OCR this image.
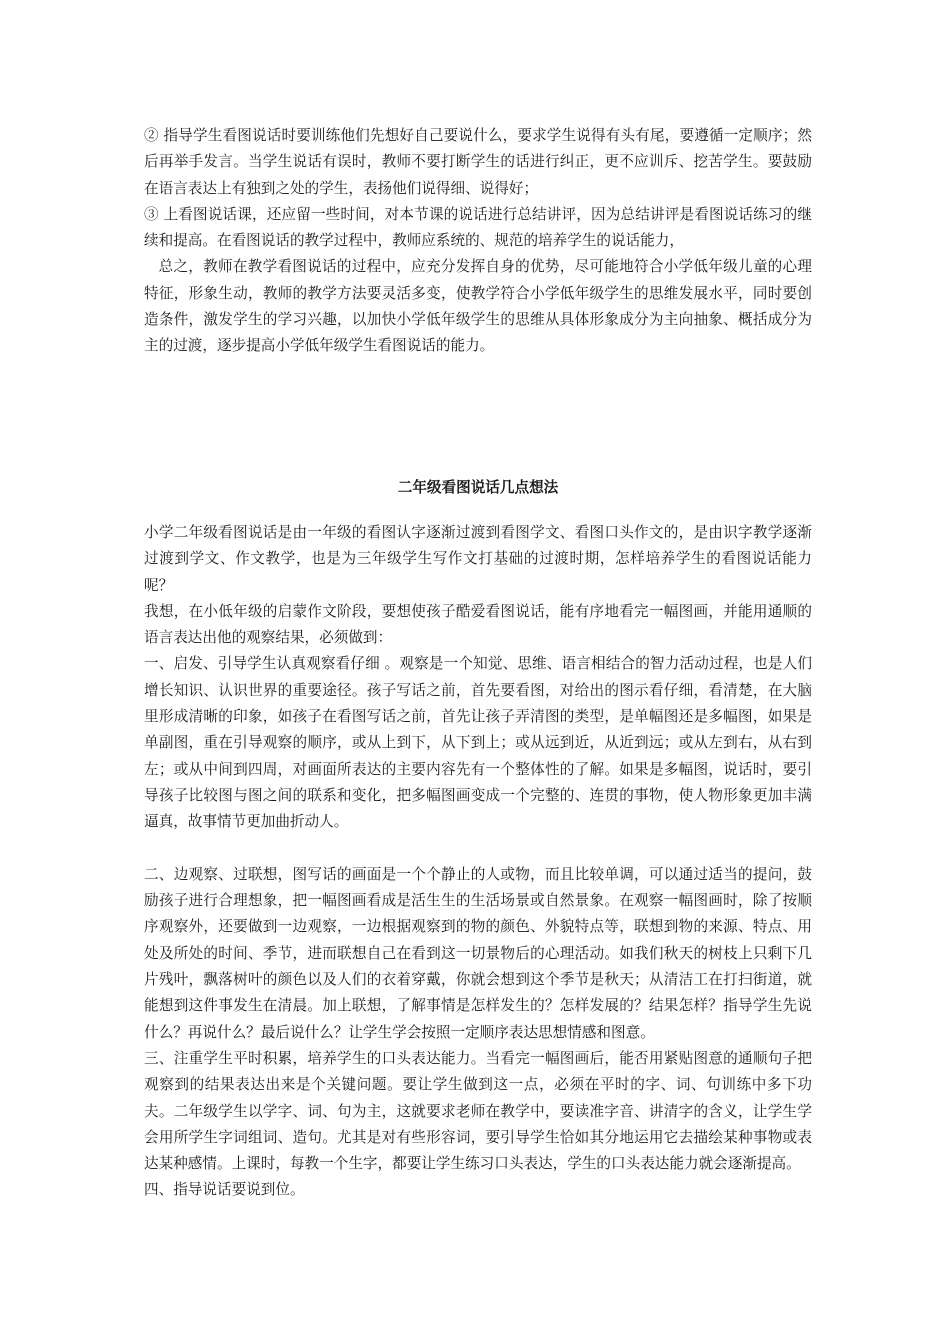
② 指导学生看图说话时要训练他们先想好自己要说什么，要求学生说得有头有尾，要遵循一定顺序；然后再举手发言。当学生说话有误时，教师不要打断学生的话进行纠正，更不应训斥、挖苦学生。要鼓励在语言表达上有独到之处的学生，表扬他们说得细、说得好；

③ 上看图说话课，还应留一些时间，对本节课的说话进行总结讲评，因为总结讲评是看图说话练习的继续和提高。在看图说话的教学过程中，教师应系统的、规范的培养学生的说话能力，

总之，教师在教学看图说话的过程中，应充分发挥自身的优势，尽可能地符合小学低年级儿童的心理特征，形象生动，教师的教学方法要灵活多变，使教学符合小学低年级学生的思维发展水平，同时要创造条件，激发学生的学习兴趣，以加快小学低年级学生的思维从具体形象成分为主向抽象、概括成分为主的过渡，逐步提高小学低年级学生看图说话的能力。

二年级看图说话几点想法

小学二年级看图说话是由一年级的看图认字逐渐过渡到看图学文、看图口头作文的，是由识字教学逐渐过渡到学文、作文教学，也是为三年级学生写作文打基础的过渡时期，怎样培养学生的看图说话能力呢？

我想，在小低年级的启蒙作文阶段，要想使孩子酷爱看图说话，能有序地看完一幅图画，并能用通顺的语言表达出他的观察结果，必须做到：

一、启发、引导学生认真观察看仔细 。观察是一个知觉、思维、语言相结合的智力活动过程，也是人们增长知识、认识世界的重要途径。孩子写话之前，首先要看图，对给出的图示看仔细，看清楚，在大脑里形成清晰的印象，如孩子在看图写话之前，首先让孩子弄清图的类型，是单幅图还是多幅图，如果是单副图，重在引导观察的顺序，或从上到下，从下到上；或从远到近，从近到远；或从左到右，从右到左；或从中间到四周，对画面所表达的主要内容先有一个整体性的了解。如果是多幅图，说话时，要引导孩子比较图与图之间的联系和变化，把多幅图画变成一个完整的、连贯的事物，使人物形象更加丰满逼真，故事情节更加曲折动人。

二、边观察、过联想，图写话的画面是一个个静止的人或物，而且比较单调，可以通过适当的提问，鼓励孩子进行合理想象，把一幅图画看成是活生生的生活场景或自然景象。在观察一幅图画时，除了按顺序观察外，还要做到一边观察，一边根据观察到的物的颜色、外貌特点等，联想到物的来源、特点、用处及所处的时间、季节，进而联想自己在看到这一切景物后的心理活动。如我们秋天的树枝上只剩下几片残叶，飘落树叶的颜色以及人们的衣着穿戴，你就会想到这个季节是秋天；从清洁工在打扫街道，就能想到这件事发生在清晨。加上联想，了解事情是怎样发生的？怎样发展的？结果怎样？指导学生先说什么？再说什么？最后说什么？让学生学会按照一定顺序表达思想情感和图意。

三、注重学生平时积累，培养学生的口头表达能力。当看完一幅图画后，能否用紧贴图意的通顺句子把观察到的结果表达出来是个关键问题。要让学生做到这一点，必须在平时的字、词、句训练中多下功夫。二年级学生以学字、词、句为主，这就要求老师在教学中，要读准字音、讲清字的含义，让学生学会用所学生字词组词、造句。尤其是对有些形容词，要引导学生恰如其分地运用它去描绘某种事物或表达某种感情。上课时，每教一个生字，都要让学生练习口头表达，学生的口头表达能力就会逐渐提高。

四、指导说话要说到位。
